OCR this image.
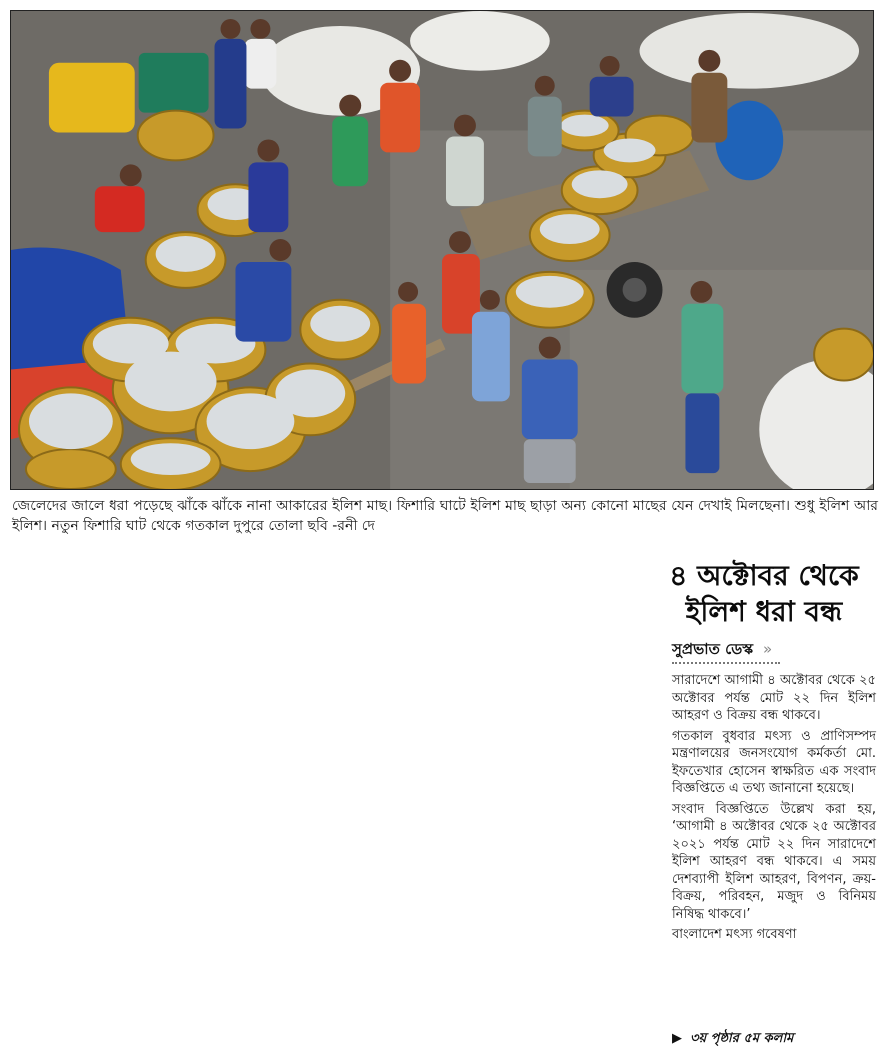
জেলেদের জালে ধরা পড়েছে ঝাঁকে ঝাঁকে নানা আকারের ইলিশ মাছ। ফিশারি ঘাটে ইলিশ মাছ ছাড়া অন্য কোনো মাছের যেন দেখাই মিলছেনা। শুধু ইলিশ আর ইলিশ। নতুন ফিশারি ঘাট থেকে গতকাল দুপুরে তোলা ছবি -রনী দে
৪ অক্টোবর থেকে ইলিশ ধরা বন্ধ
সুপ্রভাত ডেস্ক »

সারাদেশে আগামী ৪ অক্টোবর থেকে ২৫ অক্টোবর পর্যন্ত মোট ২২ দিন ইলিশ আহরণ ও বিক্রয় বন্ধ থাকবে।

গতকাল বুধবার মৎস্য ও প্রাণিসম্পদ মন্ত্রণালয়ের জনসংযোগ কর্মকর্তা মো. ইফতেখার হোসেন স্বাক্ষরিত এক সংবাদ বিজ্ঞপ্তিতে এ তথ্য জানানো হয়েছে।

সংবাদ বিজ্ঞপ্তিতে উল্লেখ করা হয়, ‘আগামী ৪ অক্টোবর থেকে ২৫ অক্টোবর ২০২১ পর্যন্ত মোট ২২ দিন সারাদেশে ইলিশ আহরণ বন্ধ থাকবে। এ সময় দেশব্যাপী ইলিশ আহরণ, বিপণন, ক্রয়-বিক্রয়, পরিবহন, মজুদ ও বিনিময় নিষিদ্ধ থাকবে।’

বাংলাদেশ মৎস্য গবেষণা

▶ ৩য় পৃষ্ঠার ৫ম কলাম
